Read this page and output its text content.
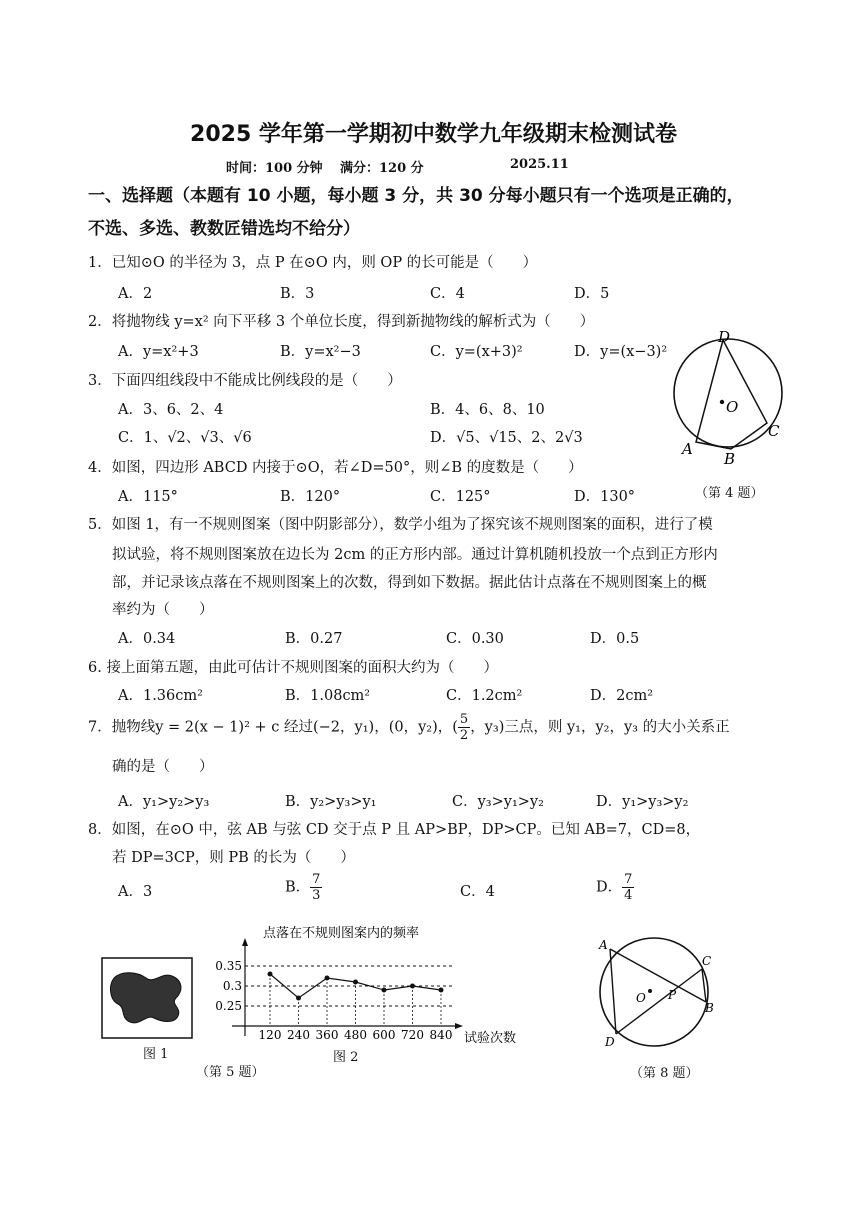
2025 学年第一学期初中数学九年级期末检测试卷
时间：100 分钟 满分：120 分	2025.11
一、选择题（本题有 10 小题，每小题 3 分，共 30 分每小题只有一个选项是正确的，
不选、多选、教数匠错选均不给分）
1．已知⊙O 的半径为 3，点 P 在⊙O 内，则 OP 的长可能是（　　）
A．2	B．3	C．4	D．5
2．将抛物线 y=x² 向下平移 3 个单位长度，得到新抛物线的解析式为（　　）
A．y=x²+3	B．y=x²−3	C．y=(x+3)²	D．y=(x−3)²
3．下面四组线段中不能成比例线段的是（　　）
A．3、6、2、4	B．4、6、8、10
C．1、√2、√3、√6	D．√5、√15、2、2√3
D
O
A
B
C
（第 4 题）
4．如图，四边形 ABCD 内接于⊙O，若∠D=50°，则∠B 的度数是（　　）
A．115°	B．120°	C．125°	D．130°
5．如图 1，有一不规则图案（图中阴影部分），数学小组为了探究该不规则图案的面积，进行了模
拟试验，将不规则图案放在边长为 2cm 的正方形内部。通过计算机随机投放一个点到正方形内
部，并记录该点落在不规则图案上的次数，得到如下数据。据此估计点落在不规则图案上的概
率约为（　　）
A．0.34	B．0.27	C．0.30	D．0.5
6. 接上面第五题，由此可估计不规则图案的面积大约为（　　）
A．1.36cm²	B．1.08cm²	C．1.2cm²	D．2cm²
7．抛物线y = 2(x − 1)² + c 经过(−2，y₁)，(0，y₂)，( $\frac{5}{2}$ ，y₃)三点，则 y₁，y₂，y₃ 的大小关系正
确的是（　　）
A．y₁>y₂>y₃	B．y₂>y₃>y₁	C．y₃>y₁>y₂	D．y₁>y₃>y₂
8．如图，在⊙O 中，弦 AB 与弦 CD 交于点 P 且 AP>BP，DP>CP。已知 AB=7，CD=8，
若 DP=3CP，则 PB 的长为（　　）
A．3	B． $\frac{7}{3}$	C．4	D． $\frac{7}{4}$
图 1
点落在不规则图案内的频率
0.35
0.3
0.25
120 240 360 480 600 720 840 试验次数
图 2
（第 5 题）
A
C
O P
B
D
（第 8 题）
